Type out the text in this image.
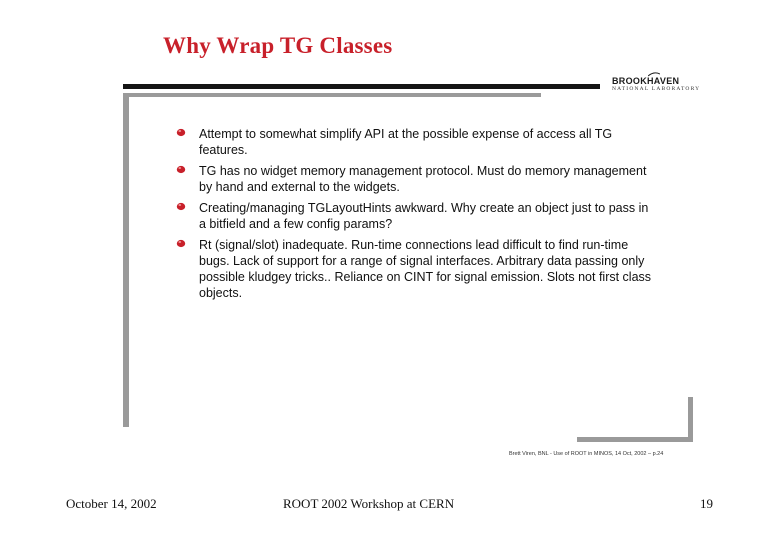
Why Wrap TG Classes
BROOKHAVEN
NATIONAL LABORATORY
Attempt to somewhat simplify API at the possible expense of access all TG features.
TG has no widget memory management protocol. Must do memory management by hand and external to the widgets.
Creating/managing TGLayoutHints awkward. Why create an object just to pass in a bitfield and a few config params?
Rt (signal/slot) inadequate. Run-time connections lead difficult to find run-time bugs. Lack of support for a range of signal interfaces. Arbitrary data passing only possible kludgey tricks.. Reliance on CINT for signal emission. Slots not first class objects.
Brett Viren, BNL - Use of ROOT in MINOS, 14 Oct, 2002 – p.24
October 14, 2002	ROOT 2002 Workshop at CERN	19
